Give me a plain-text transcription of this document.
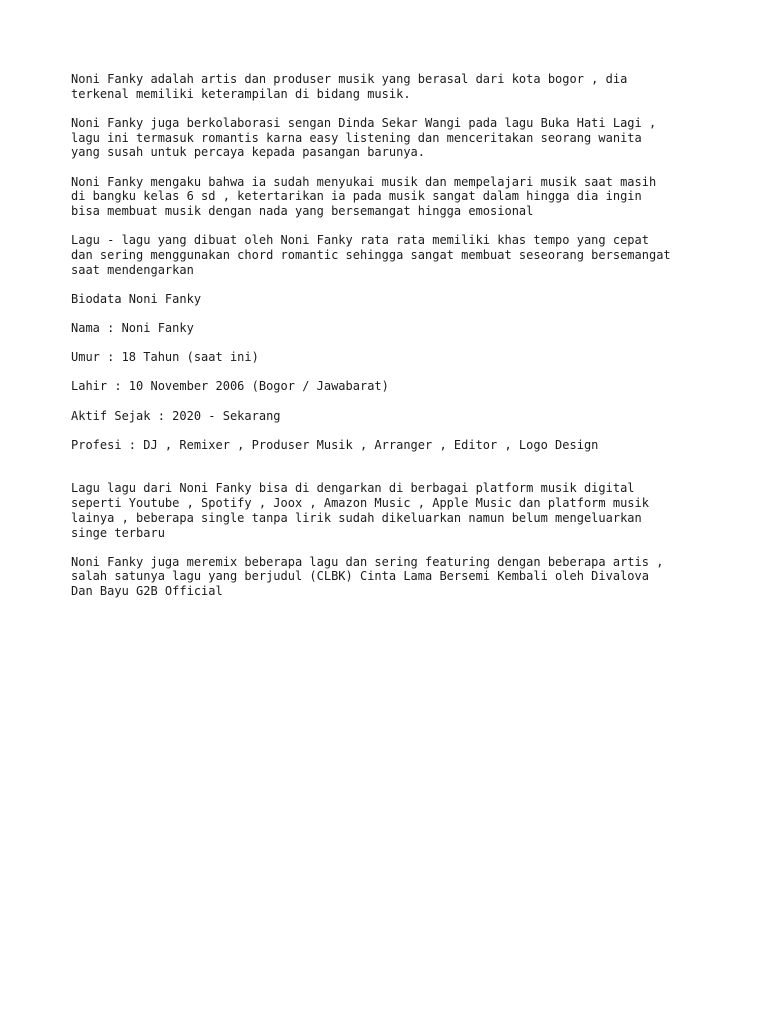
Noni Fanky adalah artis dan produser musik yang berasal dari kota bogor , dia
terkenal memiliki keterampilan di bidang musik.

Noni Fanky juga berkolaborasi sengan Dinda Sekar Wangi pada lagu Buka Hati Lagi ,
lagu ini termasuk romantis karna easy listening dan menceritakan seorang wanita
yang susah untuk percaya kepada pasangan barunya.

Noni Fanky mengaku bahwa ia sudah menyukai musik dan mempelajari musik saat masih
di bangku kelas 6 sd , ketertarikan ia pada musik sangat dalam hingga dia ingin
bisa membuat musik dengan nada yang bersemangat hingga emosional

Lagu - lagu yang dibuat oleh Noni Fanky rata rata memiliki khas tempo yang cepat
dan sering menggunakan chord romantic sehingga sangat membuat seseorang bersemangat
saat mendengarkan

Biodata Noni Fanky

Nama : Noni Fanky

Umur : 18 Tahun (saat ini)

Lahir : 10 November 2006 (Bogor / Jawabarat)

Aktif Sejak : 2020 - Sekarang

Profesi : DJ , Remixer , Produser Musik , Arranger , Editor , Logo Design

Lagu lagu dari Noni Fanky bisa di dengarkan di berbagai platform musik digital
seperti Youtube , Spotify , Joox , Amazon Music , Apple Music dan platform musik
lainya , beberapa single tanpa lirik sudah dikeluarkan namun belum mengeluarkan
singe terbaru

Noni Fanky juga meremix beberapa lagu dan sering featuring dengan beberapa artis ,
salah satunya lagu yang berjudul (CLBK) Cinta Lama Bersemi Kembali oleh Divalova
Dan Bayu G2B Official
